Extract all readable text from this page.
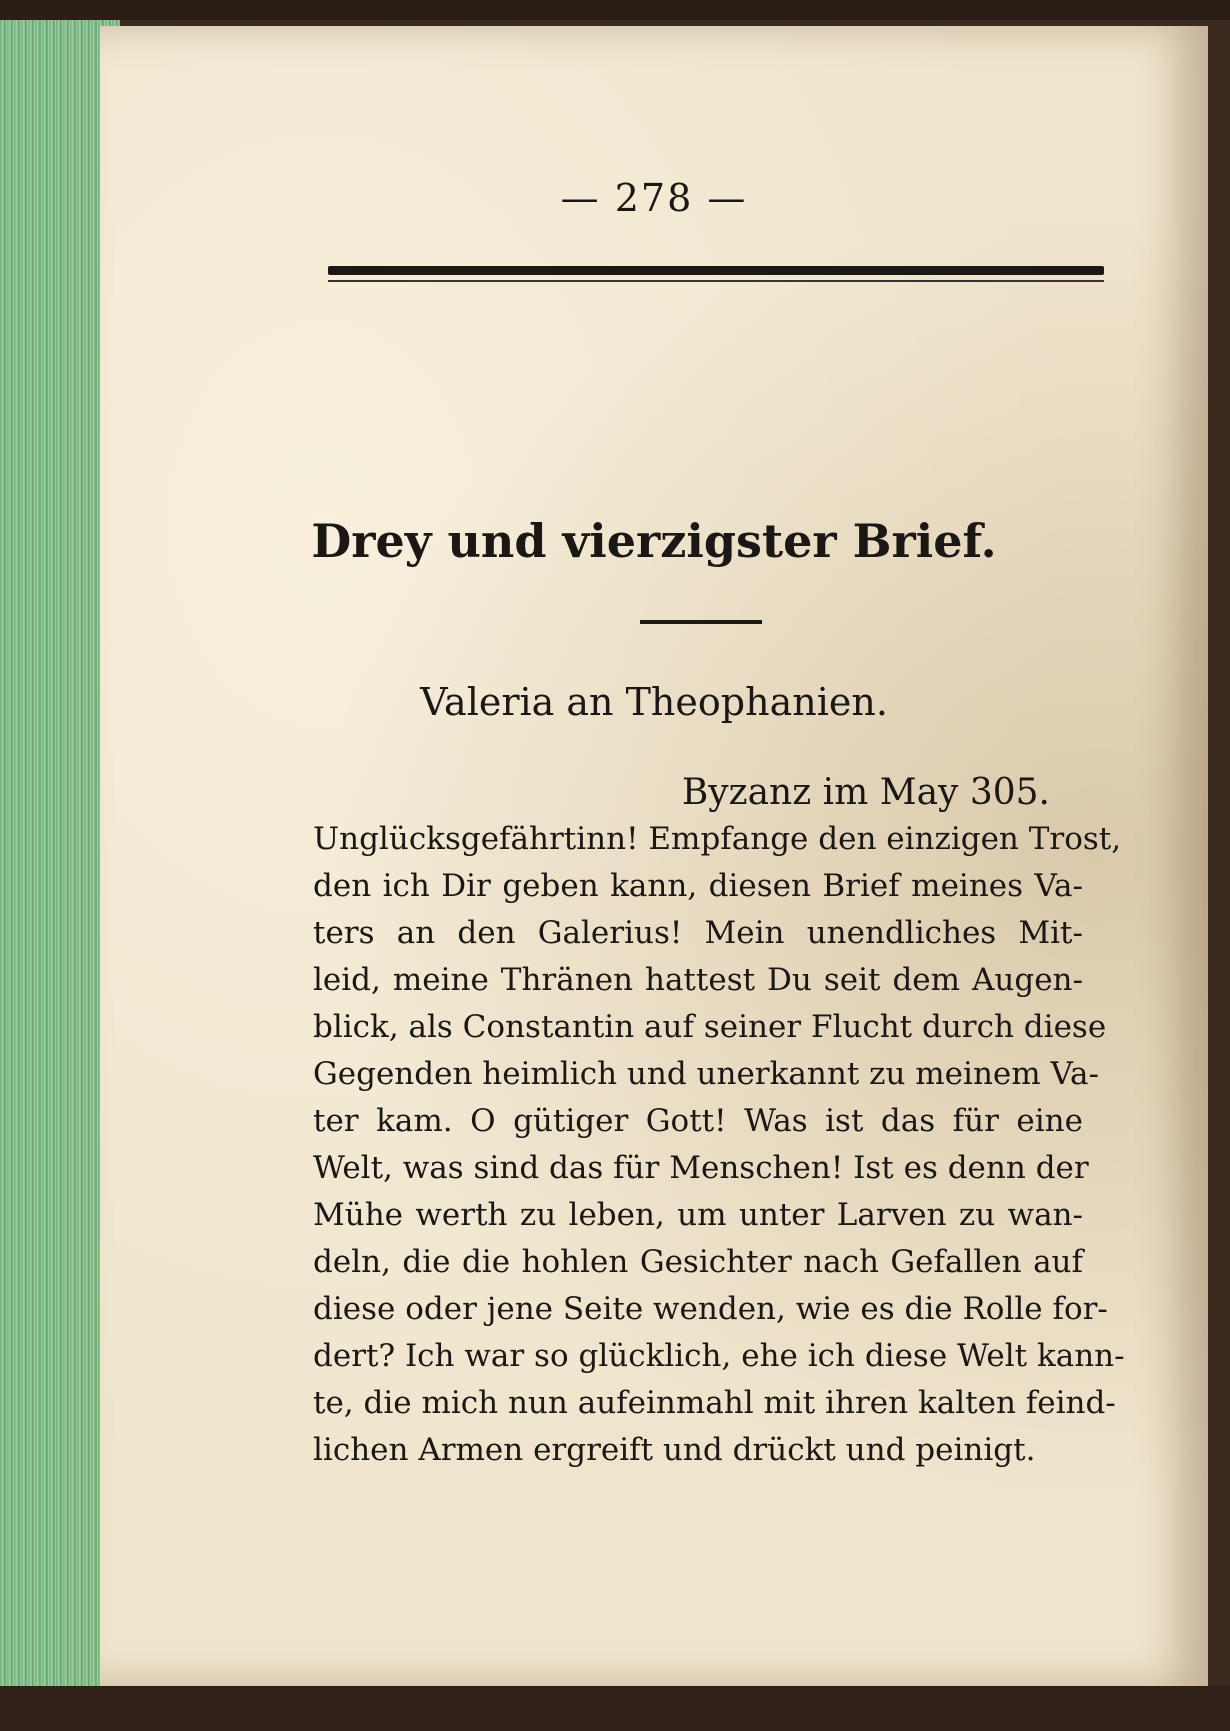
— 278 —
Drey und vierzigster Brief.
Valeria an Theophanien.
Byzanz im May 305.
Unglücksgefährtinn! Empfange den einzigen Trost,
den ich Dir geben kann, diesen Brief meines Va-
ters an den Galerius! Mein unendliches Mit-
leid, meine Thränen hattest Du seit dem Augen-
blick, als Constantin auf seiner Flucht durch diese
Gegenden heimlich und unerkannt zu meinem Va-
ter kam. O gütiger Gott! Was ist das für eine
Welt, was sind das für Menschen! Ist es denn der
Mühe werth zu leben, um unter Larven zu wan-
deln, die die hohlen Gesichter nach Gefallen auf
diese oder jene Seite wenden, wie es die Rolle for-
dert? Ich war so glücklich, ehe ich diese Welt kann-
te, die mich nun aufeinmahl mit ihren kalten feind-
lichen Armen ergreift und drückt und peinigt.
